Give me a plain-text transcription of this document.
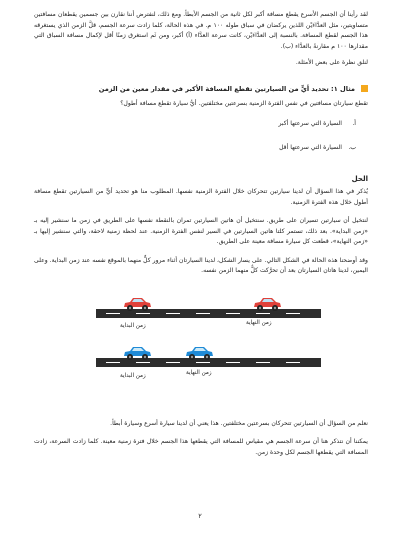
لقد رأينا أن الجسم الأسرع يقطع مسافة أكبر لكل ثانية من الجسم الأبطأ. ومع ذلك، لنفترض أننا نقارن بين جسمين يقطعان مسافتين متساويتين، مثل العدَّاءَيْن اللذين يركضان في سباق طوله ١٠٠ م. في هذه الحالة، كلما زادت سرعة الجسم، قلَّ الزمن الذي يستغرقه هذا الجسم لقطع المسافة. بالنسبة إلى العدَّاءَيْن، كانت سرعة العدَّاء (أ) أكبر، ومن ثَم استغرق زمنًا أقل لإكمال مسافة السباق التي مقدارها ١٠٠ م مقارنةً بالعدَّاء (ب).

لنلق نظرة على بعض الأمثلة.

مثال ١: تحديد أيٍّ من السيارتين تقطع المسافة الأكبر في مقدار معين من الزمن

تقطع سيارتان مسافتين في نفس الفترة الزمنية بسرعتين مختلفتين. أيُّ سيارة تقطع مسافة أطول؟

أ.
السيارة التي سرعتها أكبر
ب.
السيارة التي سرعتها أقل
الحل

يُذكر في هذا السؤال أن لدينا سيارتين تتحركان خلال الفترة الزمنية نفسها. المطلوب منا هو تحديد أيٍّ من السيارتين تقطع مسافة أطول خلال هذه الفترة الزمنية.

لنتخيل أن سيارتين تسيران على طريق. سنتخيل أن هاتين السيارتين تمران بالنقطة نفسها على الطريق في زمن ما سنشير إليه بـ «زمن البداية». بعد ذلك، تستمر كلتا هاتين السيارتين في السير لنفس الفترة الزمنية. عند لحظة زمنية لاحقة، والتي سنشير إليها بـ «زمن النهاية»، قطعت كل سيارة مسافة معينة على الطريق.

وقد أوضحنا هذه الحالة في الشكل التالي. على يسار الشكل، لدينا السيارتان أثناء مرور كلٍّ منهما بالموقع نفسه عند زمن البداية. وعلى اليمين، لدينا هاتان السيارتان بعد أن تحرَّكت كلٌّ منهما الزمن نفسه.

زمن النهاية
زمن البداية
زمن النهاية
زمن البداية

نعلم من السؤال أن السيارتين تتحركان بسرعتين مختلفتين. هذا يعني أن لدينا سيارة أسرع وسيارة أبطأ.

يمكننا أن نتذكر هنا أن سرعة الجسم هي مقياس للمسافة التي يقطعها هذا الجسم خلال فترة زمنية معينة. كلما زادت السرعة، زادت المسافة التي يقطعها الجسم لكل وحدة زمن.

٢
